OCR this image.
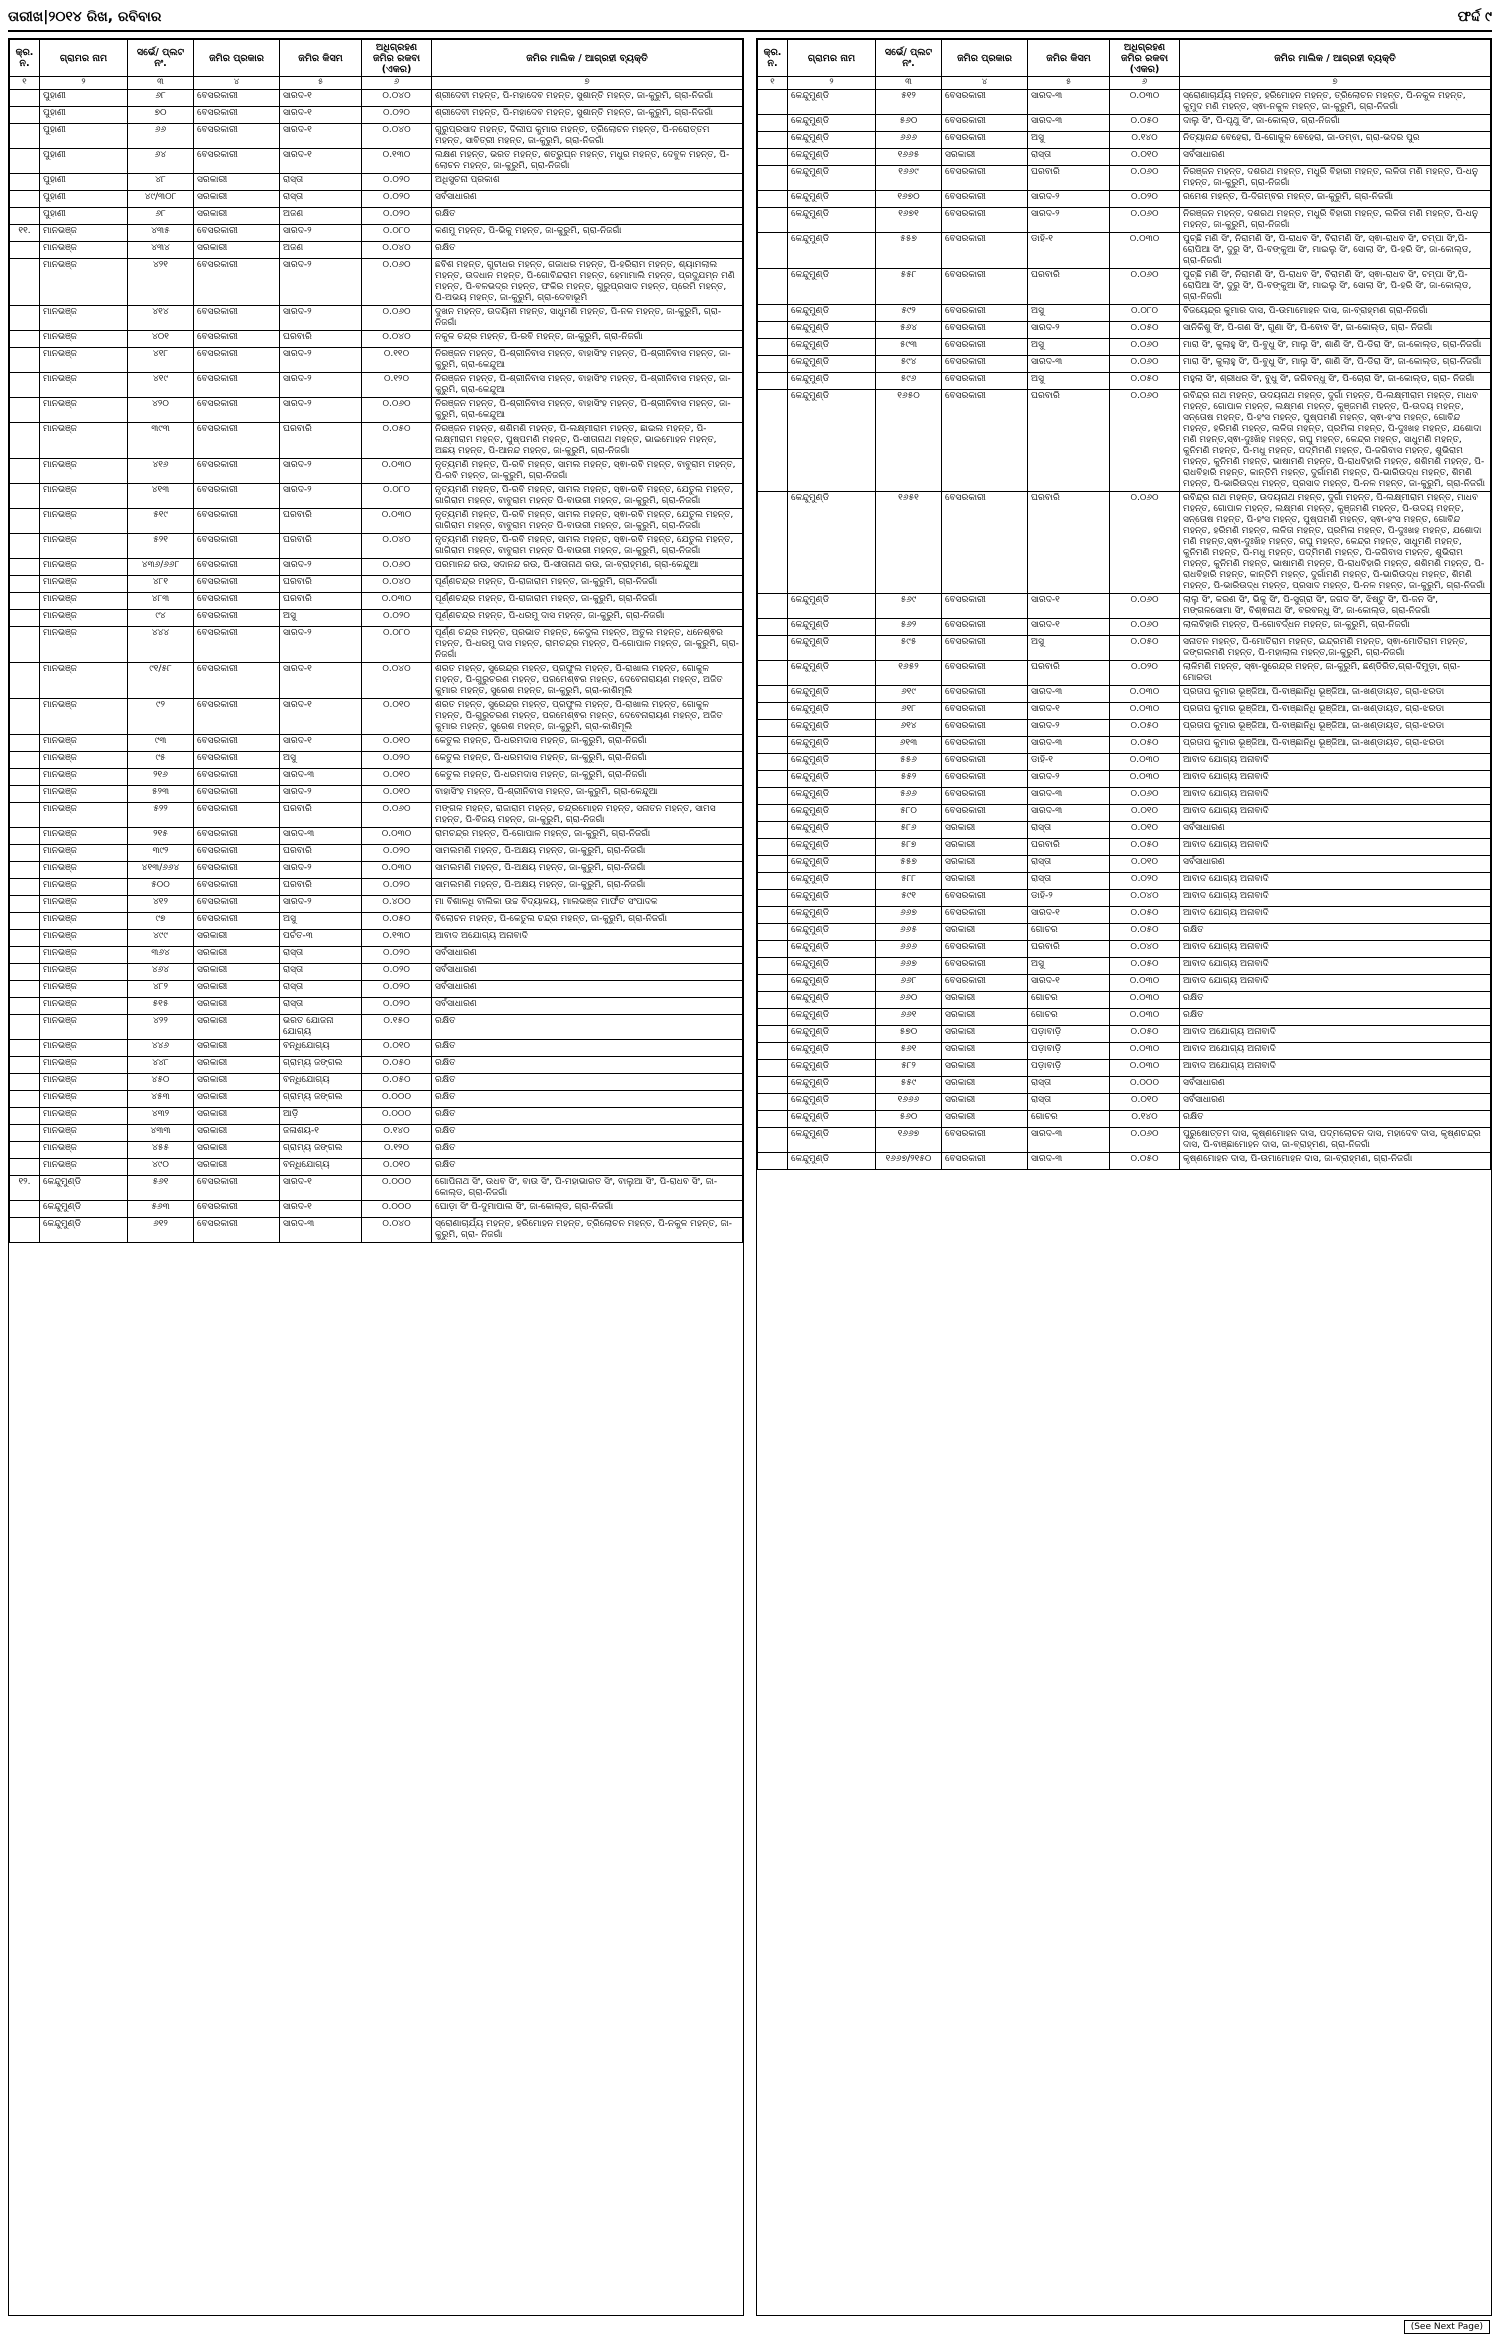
ତାରୀଖ|୨୦୧୪ ରିଖ, ରବିବାର	ଫର୍ଦ୍ଦ ୯
କ୍ର. ନ.	ଗ୍ରାମର ନାମ	ସର୍ଭେ/ ପ୍ଲଟ ନଂ.	ଜମିର ପ୍ରକାର	ଜମିର କିସମ	ଅଧିଗ୍ରହଣ ଜମିର ରକବା (ଏକର)	ଜମିର ମାଲିକ / ଆଗ୍ରହୀ ବ୍ୟକ୍ତି
୧	୨	୩	୪	୫	୬	୭
	ପୁହାଣୀ	୬୮	ବେସରକାରୀ	ସାରଦ-୧	୦.୦୪୦	ଶ୍ରୀଦେବୀ ମହନ୍ତ, ପି-ମହାଦେବ ମହନ୍ତ, ସୁଶାନ୍ତି ମହନ୍ତ, ଜା-କୁରୁମି, ଗ୍ରା-ନିଜଗାଁ
	ପୁହାଣୀ	୭୦	ବେସରକାରୀ	ସାରଦ-୧	୦.୦୨୦	ଶ୍ରୀଦେବୀ ମହନ୍ତ, ପି-ମହାଦେବ ମହନ୍ତ, ସୁଶାନ୍ତି ମହନ୍ତ, ଜା-କୁରୁମି, ଗ୍ରା-ନିଜଗାଁ
	ପୁହାଣୀ	୬୬	ବେସରକାରୀ	ସାରଦ-୧	୦.୦୪୦	ଗୁରୁପ୍ରସାଦ ମହନ୍ତ, ଦିଲୀପ କୁମାର ମହନ୍ତ, ତ୍ରିଲୋଚନ ମହନ୍ତ, ପି-ନରୋତ୍ତମ ମହନ୍ତ, ସାବିତ୍ରୀ ମହନ୍ତ, ଜା-କୁରୁମି, ଗ୍ରା-ନିଜଗାଁ
	ପୁହାଣୀ	୬୪	ବେସରକାରୀ	ସାରଦ-୧	୦.୧୩୦	ଲକ୍ଷଣ ମହନ୍ତ, ଭରତ ମହନ୍ତ, ଶତ୍ରୁଘ୍ନ ମହନ୍ତ, ମଧୁର ମହନ୍ତ, ଦେବୁଳ ମହନ୍ତ, ପି-ଲୋଚନ ମହନ୍ତ, ଜା-କୁରୁମି, ଗ୍ରା-ନିଜଗାଁ
	ପୁହାଣୀ	୪୮	ସରକାରୀ	ରାସ୍ତା	୦.୦୨୦	ଅଧିସୁଚନା ପ୍ରକାଶ
	ପୁହାଣୀ	୪୯/୩୦୮	ସରକାରୀ	ରାସ୍ତା	୦.୦୨୦	ସର୍ବସାଧାରଣ
	ପୁହାଣୀ	୬୮	ସରକାରୀ	ଅଜଣ	୦.୦୨୦	ରକ୍ଷିତ
୧୧.	ମାନଭଞ୍ଜ	୪୩୫	ବେସରକାରୀ	ସାରଦ-୨	୦.୦୮୦	କଣମୁ ମହନ୍ତ, ପି-ଭିକୁ ମହନ୍ତ, ଜା-କୁରୁମି, ଗ୍ରା-ନିଜଗାଁ
	ମାନଭଞ୍ଜ	୪୩୪	ସରକାରୀ	ଅଜଣ	୦.୦୪୦	ରକ୍ଷିତ
	ମାନଭଞ୍ଜ	୪୨୧	ବେସରକାରୀ	ସାରଦ-୨	୦.୦୬୦	ଛବିଶ ମହନ୍ତ, ଗୁଚୀଧର ମହନ୍ତ, ଗଜାଧର ମହନ୍ତ, ପି-ହରିରାମ ମହନ୍ତ, ଶ୍ୟାମଲାଲ ମହନ୍ତ, ଉଦଧାନ ମହନ୍ତ, ପି-ଗୋବିନ୍ଦରାମ ମହନ୍ତ, ହେମାମାଲି ମହନ୍ତ, ପ୍ରଦ୍ଯୁମ୍ନ ମଣି ମହନ୍ତ, ପି-ବଳଭଦ୍ର ମହନ୍ତ, ଫକିର ମହନ୍ତ, ଗୁରୁପ୍ରସାଦ ମହନ୍ତ, ପ୍ରେମି ମହନ୍ତ, ପି-ଅଭୟ ମହନ୍ତ, ଜା-କୁରୁମି, ଗ୍ରା-ଦେବାଭୂମି
	ମାନଭଞ୍ଜ	୪୧୪	ବେସରକାରୀ	ସାରଦ-୨	୦.୦୬୦	ଦୁଖନ ମହନ୍ତ, ଉଦୟିନୀ ମହନ୍ତ, ସାଧୁମଣି ମହନ୍ତ, ପି-ନଳ ମହନ୍ତ, ଜା-କୁରୁମି, ଗ୍ରା-ନିଜଗାଁ
	ମାନଭଞ୍ଜ	୪୦୧	ବେସରକାରୀ	ଘରବାରି	୦.୦୪୦	ନକୁଳ ଚନ୍ଦ୍ର ମହନ୍ତ, ପି-ରବି ମହନ୍ତ, ଜା-କୁରୁମି, ଗ୍ରା-ନିଜଗାଁ
	ମାନଭଞ୍ଜ	୪୧୮	ବେସରକାରୀ	ସାରଦ-୨	୦.୧୧୦	ନିରଞ୍ଜନ ମହନ୍ତ, ପି-ଶ୍ରୀନିବାସ ମହନ୍ତ, ବାହାସିଂହ ମହନ୍ତ, ପି-ଶ୍ରୀନିବାସ ମହନ୍ତ, ଜା-କୁରୁମି, ଗ୍ରା-କେନ୍ଦୁଆ
	ମାନଭଞ୍ଜ	୪୧୯	ବେସରକାରୀ	ସାରଦ-୨	୦.୧୨୦	ନିରଞ୍ଜନ ମହନ୍ତ, ପି-ଶ୍ରୀନିବାସ ମହନ୍ତ, ବାହାସିଂହ ମହନ୍ତ, ପି-ଶ୍ରୀନିବାସ ମହନ୍ତ, ଜା-କୁରୁମି, ଗ୍ରା-କେନ୍ଦୁଆ
	ମାନଭଞ୍ଜ	୪୨୦	ବେସରକାରୀ	ସାରଦ-୨	୦.୦୬୦	ନିରଞ୍ଜନ ମହନ୍ତ, ପି-ଶ୍ରୀନିବାସ ମହନ୍ତ, ବାହାସିଂହ ମହନ୍ତ, ପି-ଶ୍ରୀନିବାସ ମହନ୍ତ, ଜା-କୁରୁମି, ଗ୍ରା-କେନ୍ଦୁଆ
	ମାନଭଞ୍ଜ	୩୯୩	ବେସରକାରୀ	ଘରବାରି	୦.୦୫୦	ନିରଞ୍ଜନ ମହନ୍ତ, ଶଶିମଣି ମହନ୍ତ, ପି-ଲକ୍ଷ୍ମୀରାମ ମହନ୍ତ, ଛାଇଲ ମହନ୍ତ, ପି-ଲକ୍ଷ୍ମୀରାମ ମହନ୍ତ, ପୁଷ୍ପମଣି ମହନ୍ତ, ପି-ସୀତାନାଥ ମହନ୍ତ, ଭାଇମୋହନ ମହନ୍ତ, ଅଛୟ ମହନ୍ତ, ପି-ଆନନ୍ଦ ମହନ୍ତ, ଜା-କୁରୁମି, ଗ୍ରା-ନିଜଗାଁ
	ମାନଭଞ୍ଜ	୪୧୬	ବେସରକାରୀ	ସାରଦ-୨	୦.୦୩୦	ନୃତ୍ୟମଣି ମହନ୍ତ, ପି-ରବି ମହନ୍ତ, ସାମଲ ମହନ୍ତ, ସ୍ଵା-ରବି ମହନ୍ତ, ବାବୁରାମ ମହନ୍ତ, ପି-ରବି ମହନ୍ତ, ଜା-କୁରୁମି, ଗ୍ରା-ନିଜଗାଁ
	ମାନଭଞ୍ଜ	୪୧୩	ବେସରକାରୀ	ସାରଦ-୨	୦.୦୮୦	ନୃତ୍ୟମଣି ମହନ୍ତ, ପି-ରବି ମହନ୍ତ, ସାମଲ ମହନ୍ତ, ସ୍ଵା-ରବି ମହନ୍ତ, ଯେତୁଲ ମହନ୍ତ, ଗାଗିରାମ ମହନ୍ତ, ବାବୁରାମ ମହନ୍ତ ପି-ବାଉରୀ ମହନ୍ତ, ଜା-କୁରୁମି, ଗ୍ରା-ନିଜଗାଁ
	ମାନଭଞ୍ଜ	୫୧୯	ବେସରକାରୀ	ଘରବାରି	୦.୦୩୦	ନୃତ୍ୟମଣି ମହନ୍ତ, ପି-ରବି ମହନ୍ତ, ସାମଲ ମହନ୍ତ, ସ୍ଵା-ରବି ମହନ୍ତ, ଯେତୁଲ ମହନ୍ତ, ଗାଗିରାମ ମହନ୍ତ, ବାବୁରାମ ମହନ୍ତ ପି-ବାଉରୀ ମହନ୍ତ, ଜା-କୁରୁମି, ଗ୍ରା-ନିଜଗାଁ
	ମାନଭଞ୍ଜ	୫୨୧	ବେସରକାରୀ	ଘରବାରି	୦.୦୪୦	ନୃତ୍ୟମଣି ମହନ୍ତ, ପି-ରବି ମହନ୍ତ, ସାମଲ ମହନ୍ତ, ସ୍ଵା-ରବି ମହନ୍ତ, ଯେତୁଲ ମହନ୍ତ, ଗାଗିରାମ ମହନ୍ତ, ବାବୁରାମ ମହନ୍ତ ପି-ବାଉରୀ ମହନ୍ତ, ଜା-କୁରୁମି, ଗ୍ରା-ନିଜଗାଁ
	ମାନଭଞ୍ଜ	୪୩୬/୬୬୮	ବେସରକାରୀ	ସାରଦ-୨	୦.୦୬୦	ପରମାନନ୍ଦ ରଉ, ସଦାନନ୍ଦ ରଉ, ପି-ସୀତାନାଥ ରଉ, ଜା-ବ୍ରାହ୍ମଣ, ଗ୍ରା-କେନ୍ଦୁଆ
	ମାନଭଞ୍ଜ	୪୮୧	ବେସରକାରୀ	ଘରବାରି	୦.୦୪୦	ପୂର୍ଣ୍ଣଚନ୍ଦ୍ର ମହନ୍ତ, ପି-ରାଜାରାମ ମହନ୍ତ, ଜା-କୁରୁମି, ଗ୍ରା-ନିଜଗାଁ
	ମାନଭଞ୍ଜ	୪୮୩	ବେସରକାରୀ	ଘରବାରି	୦.୦୩୦	ପୂର୍ଣ୍ଣଚନ୍ଦ୍ର ମହନ୍ତ, ପି-ରାଜାରାମ ମହନ୍ତ, ଜା-କୁରୁମି, ଗ୍ରା-ନିଜଗାଁ
	ମାନଭଞ୍ଜ	୯୪	ବେସରକାରୀ	ଅସୁ	୦.୦୨୦	ପୂର୍ଣ୍ଣଚନ୍ଦ୍ର ମହନ୍ତ, ପି-ଧରମୁ ଦାସ ମହନ୍ତ, ଜା-କୁରୁମି, ଗ୍ରା-ନିଜଗାଁ
	ମାନଭଞ୍ଜ	୪୪୪	ବେସରକାରୀ	ସାରଦ-୨	୦.୦୮୦	ପୂର୍ଣ୍ଣ ଚନ୍ଦ୍ର ମହନ୍ତ, ପ୍ରଭାତ ମହନ୍ତ, କେଦୁଲ ମହନ୍ତ, ଅତୁଲ ମହନ୍ତ, ଧନେଶ୍ଵର ମହନ୍ତ, ପି-ଧରମୁ ଦାସ ମହନ୍ତ, ରାମଚନ୍ଦ୍ର ମହନ୍ତ, ପି-ଗୋପାଳ ମହନ୍ତ, ଜା-କୁରୁମି, ଗ୍ରା-ନିଜଗାଁ
	ମାନଭଞ୍ଜ	୯୧/୫୮	ବେସରକାରୀ	ସାରଦ-୧	୦.୦୪୦	ଶରତ ମହନ୍ତ, ସୁରେନ୍ଦ୍ର ମହନ୍ତ, ପ୍ରଫୁଲ ମହନ୍ତ, ପି-ରାଖାଲ ମହନ୍ତ, ଗୋକୁଳ ମହନ୍ତ, ପି-ଗୁରୁଚରଣ ମହନ୍ତ, ପରମେଶ୍ଵର ମହନ୍ତ, ଦେବେନାରାୟଣ ମହନ୍ତ, ଅଜିତ କୁମାର ମହନ୍ତ, ସୁରେଶ ମହନ୍ତ, ଜା-କୁରୁମି, ଗ୍ରା-କାଶିମୂଲି
	ମାନଭଞ୍ଜ	୯୨	ବେସରକାରୀ	ସାରଦ-୧	୦.୦୧୦	ଶରତ ମହନ୍ତ, ସୁରେନ୍ଦ୍ର ମହନ୍ତ, ପ୍ରଫୁଲ ମହନ୍ତ, ପି-ରାଖାଲ ମହନ୍ତ, ଗୋକୁଳ ମହନ୍ତ, ପି-ଗୁରୁଚରଣ ମହନ୍ତ, ପରମେଶ୍ଵର ମହନ୍ତ, ଦେବେନାରାୟଣ ମହନ୍ତ, ଅଜିତ କୁମାର ମହନ୍ତ, ସୁରେଶ ମହନ୍ତ, ଜା-କୁରୁମି, ଗ୍ରା-କାଶିମୂଲି
	ମାନଭଞ୍ଜ	୯୩	ବେସରକାରୀ	ସାରଦ-୧	୦.୦୧୦	କେତୁଲ ମହନ୍ତ, ପି-ଧରମଦାସ ମହନ୍ତ, ଜା-କୁରୁମି, ଗ୍ରା-ନିଜଗାଁ
	ମାନଭଞ୍ଜ	୯୫	ବେସରକାରୀ	ଅସୁ	୦.୦୨୦	କେତୁଲ ମହନ୍ତ, ପି-ଧରମଦାସ ମହନ୍ତ, ଜା-କୁରୁମି, ଗ୍ରା-ନିଜଗାଁ
	ମାନଭଞ୍ଜ	୨୧୬	ବେସରକାରୀ	ସାରଦ-୩	୦.୦୧୦	କେତୁଲ ମହନ୍ତ, ପି-ଧରମଦାସ ମହନ୍ତ, ଜା-କୁରୁମି, ଗ୍ରା-ନିଜଗାଁ
	ମାନଭଞ୍ଜ	୫୨୩	ବେସରକାରୀ	ସାରଦ-୨	୦.୦୧୦	ବାହାସିଂହ ମହନ୍ତ, ପି-ଶ୍ରୀନିବାସ ମହନ୍ତ, ଜା-କୁରୁମି, ଗ୍ରା-କେନ୍ଦୁଆ
	ମାନଭଞ୍ଜ	୫୨୨	ବେସରକାରୀ	ଘରବାରି	୦.୦୬୦	ମଙ୍ଗଳ ମହନ୍ତ, ରାଜାରାମ ମହନ୍ତ, ଚନ୍ଦ୍ରମୋହନ ମହନ୍ତ, ସନାତନ ମହନ୍ତ, ସାମସ ମହନ୍ତ, ପି-ବିଜୟ ମହନ୍ତ, ଜା-କୁରୁମି, ଗ୍ରା-ନିଜଗାଁ
	ମାନଭଞ୍ଜ	୨୧୫	ବେସରକାରୀ	ସାରଦ-୩	୦.୦୩୦	ରାମଚନ୍ଦ୍ର ମହନ୍ତ, ପି-ଗୋପାଳ ମହନ୍ତ, ଜା-କୁରୁମି, ଗ୍ରା-ନିଜଗାଁ
	ମାନଭଞ୍ଜ	୩୯୨	ବେସରକାରୀ	ଘରବାରି	୦.୦୨୦	ସାମଲମଣି ମହନ୍ତ, ପି-ଅକ୍ଷୟ ମହନ୍ତ, ଜା-କୁରୁମି, ଗ୍ରା-ନିଜଗାଁ
	ମାନଭଞ୍ଜ	୪୧୩/୬୬୪	ବେସରକାରୀ	ସାରଦ-୨	୦.୦୩୦	ସାମଲମଣି ମହନ୍ତ, ପି-ଅକ୍ଷୟ ମହନ୍ତ, ଜା-କୁରୁମି, ଗ୍ରା-ନିଜଗାଁ
	ମାନଭଞ୍ଜ	୫୦୦	ବେସରକାରୀ	ଘରବାରି	୦.୦୨୦	ସାମଲମଣି ମହନ୍ତ, ପି-ଅକ୍ଷୟ ମହନ୍ତ, ଜା-କୁରୁମି, ଗ୍ରା-ନିଜଗାଁ
	ମାନଭଞ୍ଜ	୪୧୨	ବେସରକାରୀ	ସାରଦ-୨	୦.୪୦୦	ମା ବିଶାଳଧି ବାଲିକା ଉଚ୍ଚ ବିଦ୍ୟାଳୟ, ମାଲଭଞ୍ଜ ମାର୍ଫତ ସଂପାଦକ
	ମାନଭଞ୍ଜ	୯୭	ବେସରକାରୀ	ଅସୁ	୦.୦୫୦	ବିଲୋଚନ ମହନ୍ତ, ପି-କେତୁଲ ଚନ୍ଦ୍ର ମହନ୍ତ, ଜା-କୁରୁମି, ଗ୍ରା-ନିଜଗାଁ
	ମାନଭଞ୍ଜ	୪୯୯	ସରକାରୀ	ପର୍ଚତ-୩	୦.୧୩୦	ଆବାଦ ଅଯୋଗ୍ୟ ଅନାବାଦି
	ମାନଭଞ୍ଜ	୩୬୪	ସରକାରୀ	ରାସ୍ତା	୦.୦୨୦	ସର୍ବସାଧାରଣ
	ମାନଭଞ୍ଜ	୪୬୪	ସରକାରୀ	ରାସ୍ତା	୦.୦୨୦	ସର୍ବସାଧାରଣ
	ମାନଭଞ୍ଜ	୪୮୨	ସରକାରୀ	ରାସ୍ତା	୦.୦୨୦	ସର୍ବସାଧାରଣ
	ମାନଭଞ୍ଜ	୫୧୫	ସରକାରୀ	ରାସ୍ତା	୦.୦୨୦	ସର୍ବସାଧାରଣ
	ମାନଭଞ୍ଜ	୪୨୨	ସରକାରୀ	ଭରତ ଯୋଜନା ଯୋଗ୍ୟ	୦.୧୫୦	ରକ୍ଷିତ
	ମାନଭଞ୍ଜ	୪୪୬	ସରକାରୀ	ବନ୍ଧିଯୋଗ୍ୟ	୦.୦୧୦	ରକ୍ଷିତ
	ମାନଭଞ୍ଜ	୪୪୮	ସରକାରୀ	ଗ୍ରାମ୍ୟ ଜଙ୍ଗଲ	୦.୦୫୦	ରକ୍ଷିତ
	ମାନଭଞ୍ଜ	୪୫୦	ସରକାରୀ	ବନ୍ଧିଯୋଗ୍ୟ	୦.୦୫୦	ରକ୍ଷିତ
	ମାନଭଞ୍ଜ	୪୫୩	ସରକାରୀ	ଗ୍ରାମ୍ୟ ଜଙ୍ଗଲ	୦.୦୦୦	ରକ୍ଷିତ
	ମାନଭଞ୍ଜ	୪୩୨	ସରକାରୀ	ଆଡ଼ି	୦.୦୦୦	ରକ୍ଷିତ
	ମାନଭଞ୍ଜ	୪୩୩	ସରକାରୀ	ଜଳାଶୟ-୧	୦.୧୪୦	ରକ୍ଷିତ
	ମାନଭଞ୍ଜ	୪୫୫	ସରକାରୀ	ଗ୍ରାମ୍ୟ ଜଙ୍ଗଲ	୦.୧୨୦	ରକ୍ଷିତ
	ମାନଭଞ୍ଜ	୪୯୦	ସରକାରୀ	ବନ୍ଧିଯୋଗ୍ୟ	୦.୦୧୦	ରକ୍ଷିତ
୧୨.	କେନ୍ଦୁମୁଣ୍ଡି	୫୬୧	ବେସରକାରୀ	ସାରଦ-୧	୦.୦୦୦	ଗୋପିନାଥ ସିଂ, ଉଧବ ସିଂ, ବାଉ ସିଂ, ପି-ମହାଭାରତ ସିଂ, ବାଲୁଆ ସିଂ, ପି-ରାଧବ ସିଂ, ଜା-କୋଲ୍ଡ, ଗ୍ରା-ନିଜଗାଁ
	କେନ୍ଦୁମୁଣ୍ଡି	୫୬୩	ବେସରକାରୀ	ସାରଦ-୧	୦.୦୦୦	ଘୋଡ଼ା ସିଂ ପି-ଦୁମାପାଲ ସିଂ, ଜା-କୋଲ୍ଡ, ଗ୍ରା-ନିଜଗାଁ
	କେନ୍ଦୁମୁଣ୍ଡି	୬୧୨	ବେସରକାରୀ	ସାରଦ-୩	୦.୦୪୦	ସ୍ରୋଣାଚାର୍ଯ୍ୟ ମହନ୍ତ, ହରିମୋହନ ମହନ୍ତ, ତ୍ରିଲୋଚନ ମହନ୍ତ, ପି-ନକୁଳ ମହନ୍ତ, ଜା-କୁରୁମି, ଗ୍ରା- ନିଜଗାଁ
କ୍ର. ନ.	ଗ୍ରାମର ନାମ	ସର୍ଭେ/ ପ୍ଲଟ ନଂ.	ଜମିର ପ୍ରକାର	ଜମିର କିସମ	ଅଧିଗ୍ରହଣ ଜମିର ରକବା (ଏକର)	ଜମିର ମାଲିକ / ଆଗ୍ରହୀ ବ୍ୟକ୍ତି
୧	୨	୩	୪	୫	୬	୭
	କେନ୍ଦୁମୁଣ୍ଡି	୫୧୨	ବେସରକାରୀ	ସାରଦ-୩	୦.୦୩୦	ସ୍ରୋଣାଚାର୍ଯ୍ୟ ମହନ୍ତ, ହରିମୋହନ ମହନ୍ତ, ତ୍ରିଲୋଚନ ମହନ୍ତ, ପି-ନକୁଳ ମହନ୍ତ, କୁମୁଦ ମଣି ମହନ୍ତ, ସ୍ଵା-ନକୁଳ ମହନ୍ତ, ଜା-କୁରୁମି, ଗ୍ରା-ନିଜଗାଁ
	କେନ୍ଦୁମୁଣ୍ଡି	୫୬୦	ବେସରକାରୀ	ସାରଦ-୩	୦.୦୫୦	ଦାଲୁ ସିଂ, ପି-ପୃଥୁ ସିଂ, ଜା-କୋଲ୍ଡ, ଗ୍ରା-ନିଜଗାଁ
	କେନ୍ଦୁମୁଣ୍ଡି	୬୬୬	ବେସରକାରୀ	ଅସୁ	୦.୧୪୦	ନିତ୍ୟାନନ୍ଦ ବେହେରା, ପି-ଗୋକୁଳ ବେହେରା, ଜା-ଡମ୍ବା, ଗ୍ରା-ଭଦର ପୁର
	କେନ୍ଦୁମୁଣ୍ଡି	୧୬୬୫	ସରକାରୀ	ରାସ୍ତା	୦.୦୧୦	ସର୍ବସାଧାରଣ
	କେନ୍ଦୁମୁଣ୍ଡି	୧୬୬୯	ବେସରକାରୀ	ଘରବାରି	୦.୦୬୦	ନିରଞ୍ଜନ ମହନ୍ତ, ଦଶରଥ ମହନ୍ତ, ମଧୁରି ବିହାରୀ ମହନ୍ତ, ଲଳିତା ମଣି ମହନ୍ତ, ପି-ଧନୁ ମହନ୍ତ, ଜା-କୁରୁମି, ଗ୍ରା-ନିଜଗାଁ
	କେନ୍ଦୁମୁଣ୍ଡି	୧୬୭୦	ବେସରକାରୀ	ସାରଦ-୨	୦.୦୨୦	ରମେଶ ମହନ୍ତ, ପି-ଦିଗମ୍ବର ମହନ୍ତ, ଜା-କୁରୁମି, ଗ୍ରା-ନିଜଗାଁ
	କେନ୍ଦୁମୁଣ୍ଡି	୧୬୭୧	ବେସରକାରୀ	ସାରଦ-୨	୦.୦୬୦	ନିରଞ୍ଜନ ମହନ୍ତ, ଦଶରଥ ମହନ୍ତ, ମଧୁରି ବିହାରୀ ମହନ୍ତ, ଲଳିତା ମଣି ମହନ୍ତ, ପି-ଧନୁ ମହନ୍ତ, ଜା-କୁରୁମି, ଗ୍ରା-ନିଜଗାଁ
	କେନ୍ଦୁମୁଣ୍ଡି	୫୫୭	ବେସରକାରୀ	ଡାହି-୧	୦.୦୩୦	ପୁଚ୍ଛି ମଣି ସିଂ, ନିରାମଣି ସିଂ, ପି-ରାଧବ ସିଂ, ବିରାମଣି ସିଂ, ସ୍ଵା-ରାଧବ ସିଂ, ଚମ୍ପା ସିଂ,ପି-ରୋପିଆ ସିଂ, ଦୁରୁ ସିଂ, ପି-ବଙ୍କୁଆ ସିଂ, ମାଇଲୁ ସିଂ, ସୋଲା ସିଂ, ପି-ହରି ସିଂ, ଜା-କୋଲ୍ଡ, ଗ୍ରା-ନିଜଗାଁ
	କେନ୍ଦୁମୁଣ୍ଡି	୫୫୮	ବେସରକାରୀ	ଘରବାରି	୦.୦୬୦	ପୁଚ୍ଛି ମଣି ସିଂ, ନିରାମଣି ସିଂ, ପି-ରାଧବ ସିଂ, ବିରାମଣି ସିଂ, ସ୍ଵା-ରାଧବ ସିଂ, ଚମ୍ପା ସିଂ,ପି-ରୋପିଆ ସିଂ, ଦୁରୁ ସିଂ, ପି-ବଙ୍କୁଆ ସିଂ, ମାଇଲୁ ସିଂ, ସୋଲା ସିଂ, ପି-ହରି ସିଂ, ଜା-କୋଲ୍ଡ, ଗ୍ରା-ନିଜଗାଁ
	କେନ୍ଦୁମୁଣ୍ଡି	୫୯୨	ବେସରକାରୀ	ଅସୁ	୦.୦୮୦	ବିଜୟେନ୍ଦ୍ର କୁମାର ଦାସ, ପି-ଉମାମୋହନ ଦାସ, ଜା-ବ୍ରାହ୍ମଣ ଗ୍ରା-ନିଜଗାଁ
	କେନ୍ଦୁମୁଣ୍ଡି	୫୬୪	ବେସରକାରୀ	ସାରଦ-୨	୦.୦୫୦	ସାନିକିଶୁ ସିଂ, ପି-ଗଣ ସିଂ, ଗୁଣା ସିଂ, ପି-ବୋବ ସିଂ, ଜା-କୋଲ୍ଡ, ଗ୍ରା- ନିଜଗାଁ
	କେନ୍ଦୁମୁଣ୍ଡି	୫୯୩	ବେସରକାରୀ	ଅସୁ	୦.୦୬୦	ମାରା ସିଂ, କୁଲାହୁ ସିଂ, ପି-ବୁଧୁ ସିଂ, ମାଲୁ ସିଂ, ଶାଣି ସିଂ, ପି-ଡିରା ସିଂ, ଜା-କୋଲ୍ଡ, ଗ୍ରା-ନିଜଗାଁ
	କେନ୍ଦୁମୁଣ୍ଡି	୫୯୪	ବେସରକାରୀ	ସାରଦ-୩	୦.୦୬୦	ମାରା ସିଂ, କୁଲାହୁ ସିଂ, ପି-ବୁଧୁ ସିଂ, ମାଲୁ ସିଂ, ଶାଣି ସିଂ, ପି-ଡିରା ସିଂ, ଜା-କୋଲ୍ଡ, ଗ୍ରା-ନିଜଗାଁ
	କେନ୍ଦୁମୁଣ୍ଡି	୫୯୬	ବେସରକାରୀ	ଅସୁ	୦.୦୫୦	ମହୁଲା ସିଂ, ଶ୍ରୀଧର ସିଂ, ବୁଧୁ ସିଂ, ଜଗିବନ୍ଧୁ ସିଂ, ପି-ଚୋରା ସିଂ, ଜା-କୋଲ୍ଡ, ଗ୍ରା- ନିଜଗାଁ
	କେନ୍ଦୁମୁଣ୍ଡି	୧୬୫୦	ବେସରକାରୀ	ଘରବାରି	୦.୦୬୦	ରବିନ୍ଦ୍ର ନାଥ ମହନ୍ତ, ଉଦୟନାଥ ମହନ୍ତ, ଦୁର୍ଗା ମହନ୍ତ, ପି-ଲକ୍ଷ୍ମୀରାମ ମହନ୍ତ, ମାଧବ ମହନ୍ତ, ଗୋପାଳ ମହନ୍ତ, ଲକ୍ଷ୍ମଣ ମହନ୍ତ, କୁଞ୍ଜମଣି ମହନ୍ତ, ପି-ଉଦୟ ମହନ୍ତ, ସନ୍ତୋଷ ମହନ୍ତ, ପି-ହଂସ ମହନ୍ତ, ପୁଷ୍ପମଣି ମହନ୍ତ, ସ୍ଵା-ହଂସ ମହନ୍ତ, ଗୋବିନ୍ଦ ମହନ୍ତ, ହରିମଣି ମହନ୍ତ, ଲଳିତା ମହନ୍ତ, ପ୍ରମିଳା ମହନ୍ତ, ପି-ଦୁଃଖହ ମହନ୍ତ, ଯଶୋଦା ମଣି ମହନ୍ତ,ସ୍ଵା-ଦୁଃଖିହ ମହନ୍ତ, ରଘୁ ମହନ୍ତ, କେନ୍ଦ୍ର ମହନ୍ତ, ସାଧୁମଣି ମହନ୍ତ, କୁନିମଣି ମହନ୍ତ, ପି-ମଧୁ ମହନ୍ତ, ପଦ୍ମିମଣି ମହନ୍ତ, ପି-ଜଗିବାସ ମହନ୍ତ, ଶୁଭିରାମ ମହନ୍ତ, କୁନିମଣି ମହନ୍ତ, ଭାଷାମଣି ମହନ୍ତ, ପି-ରାଧବିହାରି ମହନ୍ତ, ଶଶିମଣି ମହନ୍ତ, ପି-ରାଧବିହାରି ମହନ୍ତ, କାନ୍ତିମି ମହନ୍ତ, ଦୁର୍ଗାମଣି ମହନ୍ତ, ପି-ଭାରିଉଦ୍ଧ ମହନ୍ତ, ଶିମଣି ମହନ୍ତ, ପି-ଭାରିଉଦ୍ଧ ମହନ୍ତ, ପ୍ରସାଦ ମହନ୍ତ, ପି-ନଳ ମହନ୍ତ, ଜା-କୁରୁମି, ଗ୍ରା-ନିଜଗାଁ
	କେନ୍ଦୁମୁଣ୍ଡି	୧୬୫୧	ବେସରକାରୀ	ଘରବାରି	୦.୦୬୦	ରବିନ୍ଦ୍ର ନାଥ ମହନ୍ତ, ଉଦୟନାଥ ମହନ୍ତ, ଦୁର୍ଗା ମହନ୍ତ, ପି-ଲକ୍ଷ୍ମୀରାମ ମହନ୍ତ, ମାଧବ ମହନ୍ତ, ଗୋପାଳ ମହନ୍ତ, ଲକ୍ଷ୍ମଣ ମହନ୍ତ, କୁଞ୍ଜମଣି ମହନ୍ତ, ପି-ଉଦୟ ମହନ୍ତ, ସନ୍ତୋଷ ମହନ୍ତ, ପି-ହଂସ ମହନ୍ତ, ପୁଷ୍ପମଣି ମହନ୍ତ, ସ୍ଵା-ହଂସ ମହନ୍ତ, ଗୋବିନ୍ଦ ମହନ୍ତ, ହରିମଣି ମହନ୍ତ, ଲଳିତା ମହନ୍ତ, ପ୍ରମିଳା ମହନ୍ତ, ପି-ଦୁଃଖହ ମହନ୍ତ, ଯଶୋଦା ମଣି ମହନ୍ତ,ସ୍ଵା-ଦୁଃଖିହ ମହନ୍ତ, ରଘୁ ମହନ୍ତ, କେନ୍ଦ୍ର ମହନ୍ତ, ସାଧୁମଣି ମହନ୍ତ, କୁନିମଣି ମହନ୍ତ, ପି-ମଧୁ ମହନ୍ତ, ପଦ୍ମିମଣି ମହନ୍ତ, ପି-ଜଗିବାସ ମହନ୍ତ, ଶୁଭିରାମ ମହନ୍ତ, କୁନିମଣି ମହନ୍ତ, ଭାଷାମଣି ମହନ୍ତ, ପି-ରାଧବିହାରି ମହନ୍ତ, ଶଶିମଣି ମହନ୍ତ, ପି-ରାଧବିହାରି ମହନ୍ତ, କାନ୍ତିମି ମହନ୍ତ, ଦୁର୍ଗାମଣି ମହନ୍ତ, ପି-ଭାରିଉଦ୍ଧ ମହନ୍ତ, ଶିମଣି ମହନ୍ତ, ପି-ଭାରିଉଦ୍ଧ ମହନ୍ତ, ପ୍ରସାଦ ମହନ୍ତ, ପି-ନଳ ମହନ୍ତ, ଜା-କୁରୁମି, ଗ୍ରା-ନିଜଗାଁ
	କେନ୍ଦୁମୁଣ୍ଡି	୫୬୯	ବେସରକାରୀ	ସାରଦ-୧	୦.୦୬୦	ଲାଲୁ ସିଂ, କରଣ ସିଂ, ଭିକୁ ସିଂ, ପି-ସୁଗ୍ରା ସିଂ, ଜଗଦ ସିଂ, ଝିଷ୍ଟୁ ସିଂ, ପି-ଜନ ସିଂ, ମଙ୍ଗଳସୋମା ସିଂ, ବିଶ୍ଵନାଥ ସିଂ, ବରବନ୍ଧୁ ସିଂ, ଜା-କୋଲ୍ଡ, ଗ୍ରା-ନିଜଗାଁ
	କେନ୍ଦୁମୁଣ୍ଡି	୫୬୨	ବେସରକାରୀ	ସାରଦ-୧	୦.୦୬୦	ଲାଲବିହାରି ମହନ୍ତ, ପି-ଗୋବର୍ଦ୍ଧନ ମହନ୍ତ, ଜା-କୁରୁମି, ଗ୍ରା-ନିଜଗାଁ
	କେନ୍ଦୁମୁଣ୍ଡି	୫୯୫	ବେସରକାରୀ	ଅସୁ	୦.୦୫୦	ସନାତନ ମହନ୍ତ, ପି-ମୋତିରାମ ମହନ୍ତ, ଇନ୍ଦ୍ରମଣି ମହନ୍ତ, ସ୍ଵା-ମୋତିରାମ ମହନ୍ତ, ଜଙ୍ଗଲମଣି ମହନ୍ତ, ପି-ମହାଲାଲ ମହନ୍ତ,ଜା-କୁରୁମି, ଗ୍ରା-ନିଜଗାଁ
	କେନ୍ଦୁମୁଣ୍ଡି	୧୬୫୨	ବେସରକାରୀ	ଘରବାରି	୦.୦୨୦	ଲାଳିମଣି ମହନ୍ତ, ସ୍ଵା-ସୁରେନ୍ଦ୍ର ମହନ୍ତ, ଜା-କୁରୁମି, ଛଣ୍ଡିରିତ,ଗ୍ରା-ଦିମୁଡ଼ା, ଗ୍ରା-ମୋରଡା
	କେନ୍ଦୁମୁଣ୍ଡି	୬୧୯	ବେସରକାରୀ	ସାରଦ-୩	୦.୦୩୦	ପ୍ରତାପ କୁମାର ଭୂଞ୍ଜିଆ, ପି-ବାଞ୍ଛାନିଧି ଭୂଞ୍ଜିଆ, ଜା-ଖଣ୍ଡାୟତ, ଗ୍ରା-ଝରଡା
	କେନ୍ଦୁମୁଣ୍ଡି	୬୧୮	ବେସରକାରୀ	ସାରଦ-୧	୦.୦୩୦	ପ୍ରତାପ କୁମାର ଭୂଞ୍ଜିଆ, ପି-ବାଞ୍ଛାନିଧି ଭୂଞ୍ଜିଆ, ଜା-ଖଣ୍ଡାୟତ, ଗ୍ରା-ଝରଡା
	କେନ୍ଦୁମୁଣ୍ଡି	୬୧୪	ବେସରକାରୀ	ସାରଦ-୨	୦.୦୫୦	ପ୍ରତାପ କୁମାର ଭୂଞ୍ଜିଆ, ପି-ବାଞ୍ଛାନିଧି ଭୂଞ୍ଜିଆ, ଜା-ଖଣ୍ଡାୟତ, ଗ୍ରା-ଝରଡା
	କେନ୍ଦୁମୁଣ୍ଡି	୬୧୩	ବେସରକାରୀ	ସାରଦ-୩	୦.୦୫୦	ପ୍ରତାପ କୁମାର ଭୂଞ୍ଜିଆ, ପି-ବାଞ୍ଛାନିଧି ଭୂଞ୍ଜିଆ, ଜା-ଖଣ୍ଡାୟତ, ଗ୍ରା-ଝରଡା
	କେନ୍ଦୁମୁଣ୍ଡି	୫୫୬	ବେସରକାରୀ	ଡାହି-୧	୦.୦୩୦	ଆବାଦ ଯୋଗ୍ୟ ଅନାବାଦି
	କେନ୍ଦୁମୁଣ୍ଡି	୫୫୨	ବେସରକାରୀ	ସାରଦ-୨	୦.୦୩୦	ଆବାଦ ଯୋଗ୍ୟ ଅନାବାଦି
	କେନ୍ଦୁମୁଣ୍ଡି	୫୬୬	ବେସରକାରୀ	ସାରଦ-୩	୦.୦୬୦	ଆବାଦ ଯୋଗ୍ୟ ଅନାବାଦି
	କେନ୍ଦୁମୁଣ୍ଡି	୫୮୦	ବେସରକାରୀ	ସାରଦ-୩	୦.୦୧୦	ଆବାଦ ଯୋଗ୍ୟ ଅନାବାଦି
	କେନ୍ଦୁମୁଣ୍ଡି	୫୮୬	ସରକାରୀ	ରାସ୍ତା	୦.୦୧୦	ସର୍ବସାଧାରଣ
	କେନ୍ଦୁମୁଣ୍ଡି	୫୮୭	ସରକାରୀ	ଘରବାରି	୦.୦୫୦	ଆବାଦ ଯୋଗ୍ୟ ଅନାବାଦି
	କେନ୍ଦୁମୁଣ୍ଡି	୫୫୭	ସରକାରୀ	ରାସ୍ତା	୦.୦୧୦	ସର୍ବସାଧାରଣ
	କେନ୍ଦୁମୁଣ୍ଡି	୫୮୮	ସରକାରୀ	ରାସ୍ତା	୦.୦୨୦	ଆବାଦ ଯୋଗ୍ୟ ଅନାବାଦି
	କେନ୍ଦୁମୁଣ୍ଡି	୫୯୧	ବେସରକାରୀ	ଡାହି-୨	୦.୦୪୦	ଆବାଦ ଯୋଗ୍ୟ ଅନାବାଦି
	କେନ୍ଦୁମୁଣ୍ଡି	୬୬୭	ବେସରକାରୀ	ସାରଦ-୧	୦.୦୫୦	ଆବାଦ ଯୋଗ୍ୟ ଅନାବାଦି
	କେନ୍ଦୁମୁଣ୍ଡି	୬୬୫	ସରକାରୀ	ଗୋଚର	୦.୦୫୦	ରକ୍ଷିତ
	କେନ୍ଦୁମୁଣ୍ଡି	୬୬୬	ବେସରକାରୀ	ଘରବାରି	୦.୦୪୦	ଆବାଦ ଯୋଗ୍ୟ ଅନାବାଦି
	କେନ୍ଦୁମୁଣ୍ଡି	୬୬୭	ବେସରକାରୀ	ଅସୁ	୦.୦୫୦	ଆବାଦ ଯୋଗ୍ୟ ଅନାବାଦି
	କେନ୍ଦୁମୁଣ୍ଡି	୬୬୮	ବେସରକାରୀ	ସାରଦ-୧	୦.୦୩୦	ଆବାଦ ଯୋଗ୍ୟ ଅନାବାଦି
	କେନ୍ଦୁମୁଣ୍ଡି	୬୬୦	ସରକାରୀ	ଗୋଚର	୦.୦୩୦	ରକ୍ଷିତ
	କେନ୍ଦୁମୁଣ୍ଡି	୬୬୧	ସରକାରୀ	ଗୋଚର	୦.୦୩୦	ରକ୍ଷିତ
	କେନ୍ଦୁମୁଣ୍ଡି	୫୭୦	ସରକାରୀ	ପଡ଼ାବାଡ଼ି	୦.୦୫୦	ଆବାଦ ଅଯୋଗ୍ୟ ଅନାବାଦି
	କେନ୍ଦୁମୁଣ୍ଡି	୫୬୧	ସରକାରୀ	ପଡ଼ାବାଡ଼ି	୦.୦୩୦	ଆବାଦ ଅଯୋଗ୍ୟ ଅନାବାଦି
	କେନ୍ଦୁମୁଣ୍ଡି	୫୮୨	ସରକାରୀ	ପଡ଼ାବାଡ଼ି	୦.୦୩୦	ଆବାଦ ଅଯୋଗ୍ୟ ଅନାବାଦି
	କେନ୍ଦୁମୁଣ୍ଡି	୫୫୯	ସରକାରୀ	ରାସ୍ତା	୦.୦୦୦	ସର୍ବସାଧାରଣ
	କେନ୍ଦୁମୁଣ୍ଡି	୧୬୬୬	ସରକାରୀ	ରାସ୍ତା	୦.୦୧୦	ସର୍ବସାଧାରଣ
	କେନ୍ଦୁମୁଣ୍ଡି	୫୬୦	ସରକାରୀ	ଗୋଚର	୦.୧୪୦	ରକ୍ଷିତ
	କେନ୍ଦୁମୁଣ୍ଡି	୧୬୬୭	ବେସରକାରୀ	ସାରଦ-୩	୦.୦୬୦	ପୁରୁଷୋତ୍ତମ ଦାସ, କୃଷ୍ଣମୋହନ ଦାସ, ପଦ୍ମଲୋଚନ ଦାସ, ମହାଦେବ ଦାସ, କୃଷ୍ଣଚନ୍ଦ୍ର ଦାସ, ପି-ବାଞ୍ଛାମୋହନ ଦାସ, ଜା-ବ୍ରାହ୍ମଣ, ଗ୍ରା-ନିଜଗାଁ
	କେନ୍ଦୁମୁଣ୍ଡି	୧୬୬୭/୨୧୫୦	ବେସରକାରୀ	ସାରଦ-୩	୦.୦୫୦	କୃଷ୍ଣମୋହନ ଦାସ, ପି-ଉମାମୋହନ ଦାସ, ଜା-ବ୍ରାହ୍ମଣ, ଗ୍ରା-ନିଜଗାଁ
(See Next Page)
